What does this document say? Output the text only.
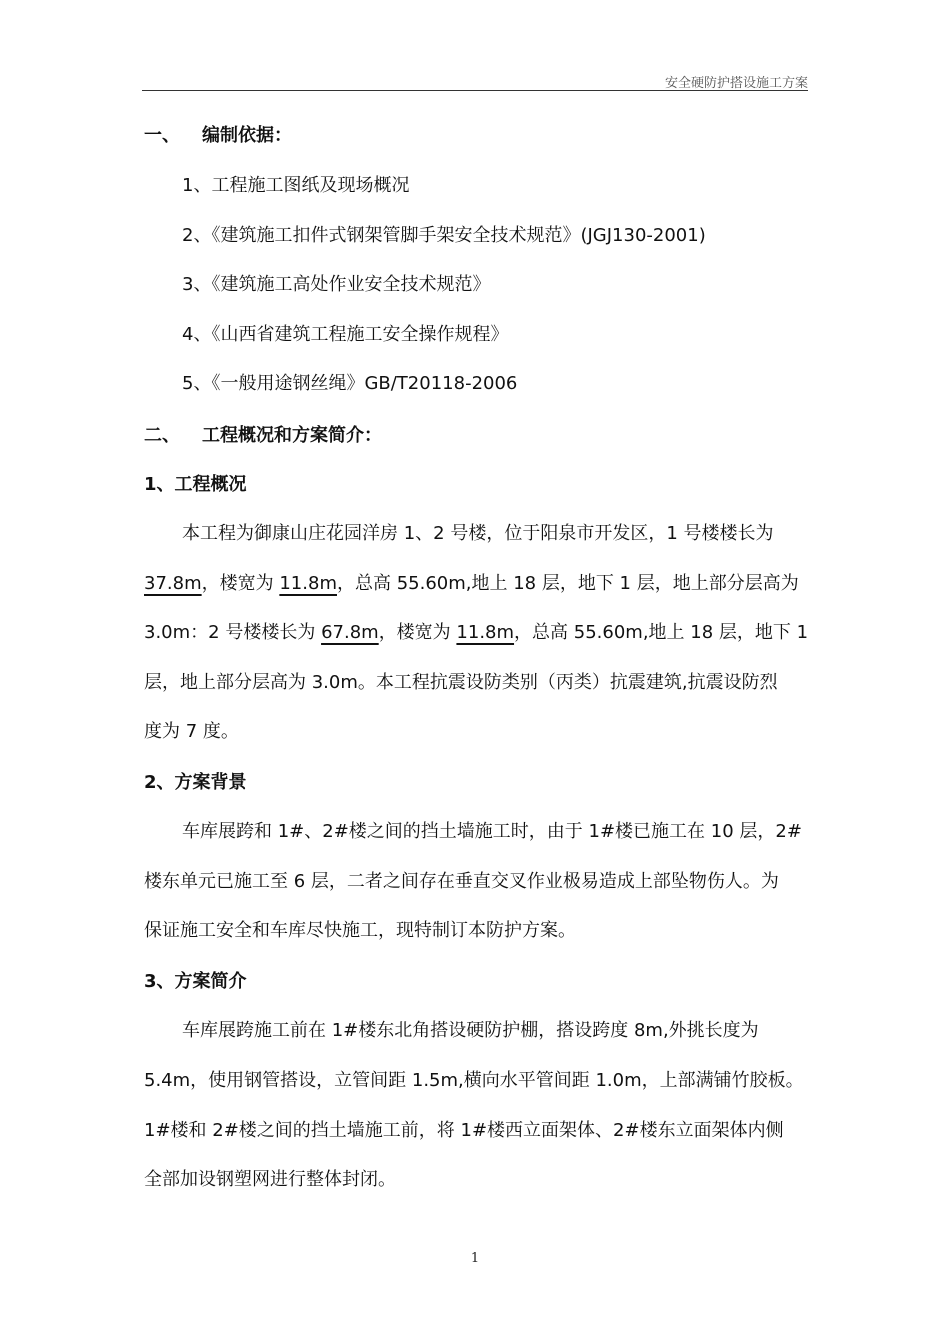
安全硬防护搭设施工方案
一、 编制依据：
1、工程施工图纸及现场概况
2、《建筑施工扣件式钢架管脚手架安全技术规范》(JGJ130-2001)
3、《建筑施工高处作业安全技术规范》
4、《山西省建筑工程施工安全操作规程》
5、《一般用途钢丝绳》GB/T20118-2006
二、 工程概况和方案简介：
1、工程概况
本工程为御康山庄花园洋房 1、2 号楼，位于阳泉市开发区，1 号楼楼长为
37.8m，楼宽为 11.8m，总高 55.60m,地上 18 层，地下 1 层，地上部分层高为
3.0m：2 号楼楼长为 67.8m，楼宽为 11.8m，总高 55.60m,地上 18 层，地下 1
层，地上部分层高为 3.0m。本工程抗震设防类别（丙类）抗震建筑,抗震设防烈
度为 7 度。
2、方案背景
车库展跨和 1#、2#楼之间的挡土墙施工时，由于 1#楼已施工在 10 层，2#
楼东单元已施工至 6 层，二者之间存在垂直交叉作业极易造成上部坠物伤人。为
保证施工安全和车库尽快施工，现特制订本防护方案。
3、方案简介
车库展跨施工前在 1#楼东北角搭设硬防护棚，搭设跨度 8m,外挑长度为
5.4m，使用钢管搭设，立管间距 1.5m,横向水平管间距 1.0m，上部满铺竹胶板。
1#楼和 2#楼之间的挡土墙施工前，将 1#楼西立面架体、2#楼东立面架体内侧
全部加设钢塑网进行整体封闭。
1
